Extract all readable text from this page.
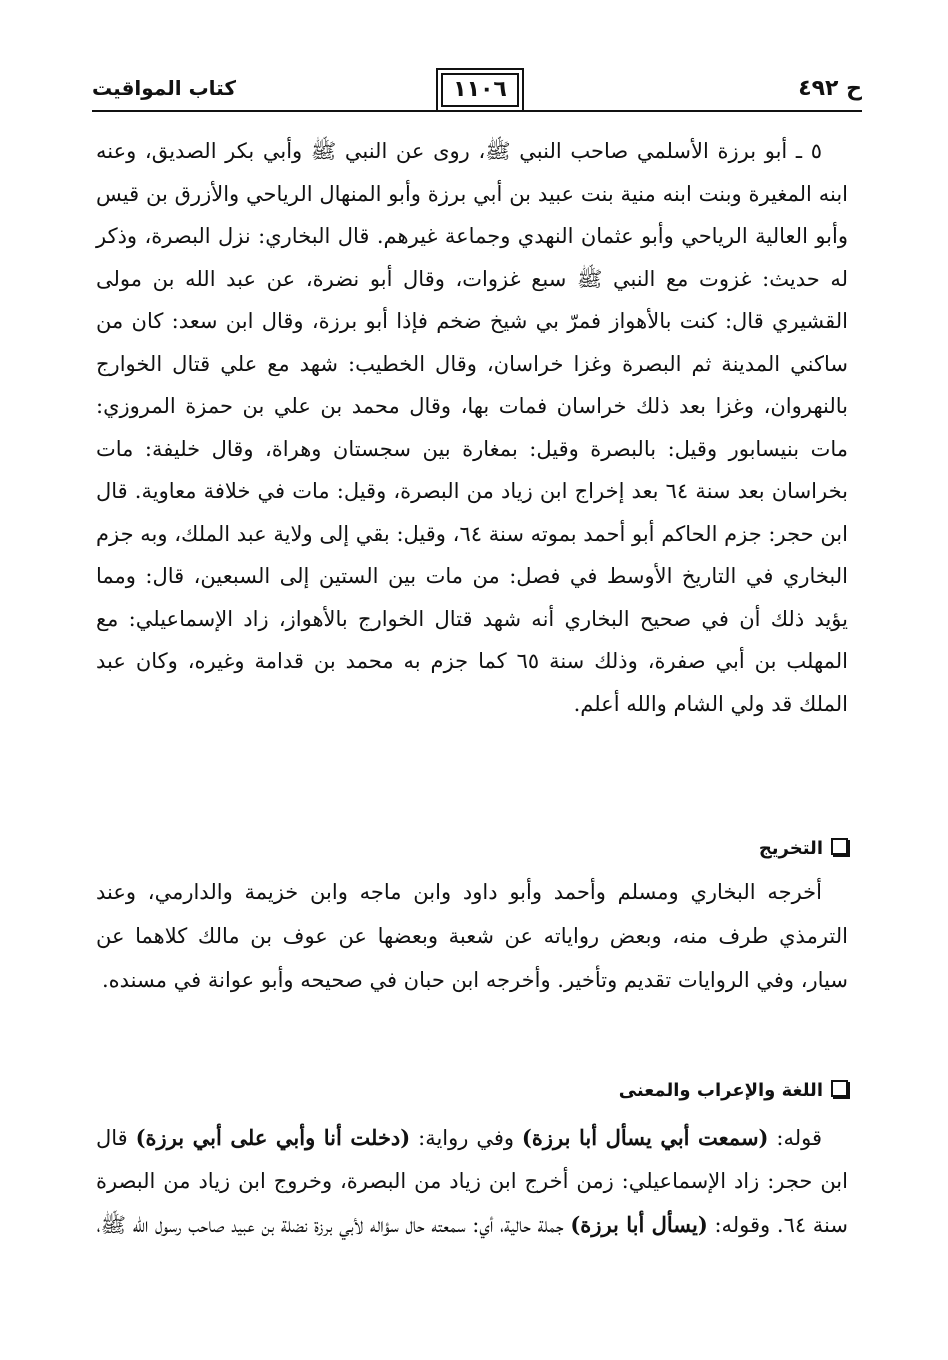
ح ٤٩٢
١١٠٦
كتاب المواقيت

٥ ـ أبو برزة الأسلمي صاحب النبي ﷺ، روى عن النبي ﷺ وأبي بكر الصديق، وعنه ابنه المغيرة وبنت ابنه منية بنت عبيد بن أبي برزة وأبو المنهال الرياحي والأزرق بن قيس وأبو العالية الرياحي وأبو عثمان النهدي وجماعة غيرهم. قال البخاري: نزل البصرة، وذكر له حديث: غزوت مع النبي ﷺ سبع غزوات، وقال أبو نضرة، عن عبد الله بن مولى القشيري قال: كنت بالأهواز فمرّ بي شيخ ضخم فإذا أبو برزة، وقال ابن سعد: كان من ساكني المدينة ثم البصرة وغزا خراسان، وقال الخطيب: شهد مع علي قتال الخوارج بالنهروان، وغزا بعد ذلك خراسان فمات بها، وقال محمد بن علي بن حمزة المروزي: مات بنيسابور وقيل: بالبصرة وقيل: بمغارة بين سجستان وهراة، وقال خليفة: مات بخراسان بعد سنة ٦٤ بعد إخراج ابن زياد من البصرة، وقيل: مات في خلافة معاوية. قال ابن حجر: جزم الحاكم أبو أحمد بموته سنة ٦٤، وقيل: بقي إلى ولاية عبد الملك، وبه جزم البخاري في التاريخ الأوسط في فصل: من مات بين الستين إلى السبعين، قال: ومما يؤيد ذلك أن في صحيح البخاري أنه شهد قتال الخوارج بالأهواز، زاد الإسماعيلي: مع المهلب بن أبي صفرة، وذلك سنة ٦٥ كما جزم به محمد بن قدامة وغيره، وكان عبد الملك قد ولي الشام والله أعلم.

التخريج

أخرجه البخاري ومسلم وأحمد وأبو داود وابن ماجه وابن خزيمة والدارمي، وعند الترمذي طرف منه، وبعض رواياته عن شعبة وبعضها عن عوف بن مالك كلاهما عن سيار، وفي الروايات تقديم وتأخير. وأخرجه ابن حبان في صحيحه وأبو عوانة في مسنده.

اللغة والإعراب والمعنى

قوله: (سمعت أبي يسأل أبا برزة) وفي رواية: (دخلت أنا وأبي على أبي برزة) قال ابن حجر: زاد الإسماعيلي: زمن أخرج ابن زياد من البصرة، وخروج ابن زياد من البصرة سنة ٦٤. وقوله: (يسأل أبا برزة) جملة حالية، أي: سمعته حال سؤاله لأبي برزة نضلة بن عبيد صاحب رسول الله ﷺ،
